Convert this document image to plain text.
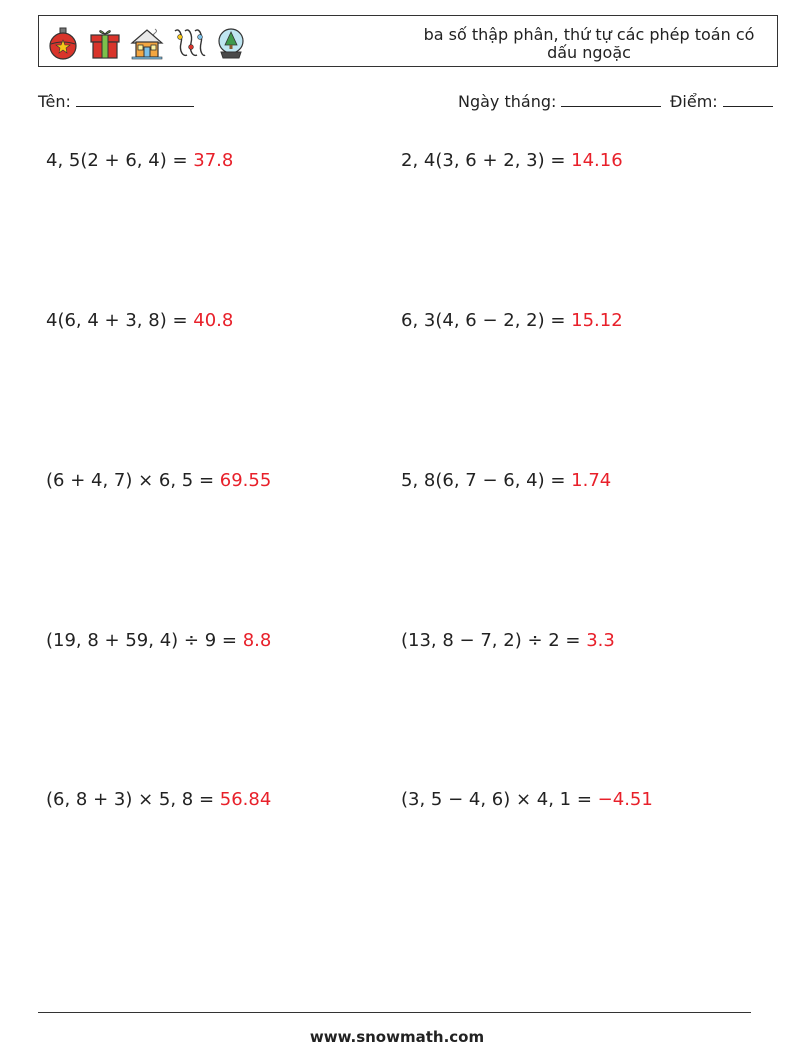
ba số thập phân, thứ tự các phép toán có
dấu ngoặc
Tên:	Ngày tháng:	Điểm:
4, 5(2 + 6, 4) = 37.8	2, 4(3, 6 + 2, 3) = 14.16
4(6, 4 + 3, 8) = 40.8	6, 3(4, 6 − 2, 2) = 15.12
(6 + 4, 7) × 6, 5 = 69.55	5, 8(6, 7 − 6, 4) = 1.74
(19, 8 + 59, 4) ÷ 9 = 8.8	(13, 8 − 7, 2) ÷ 2 = 3.3
(6, 8 + 3) × 5, 8 = 56.84	(3, 5 − 4, 6) × 4, 1 = −4.51
www.snowmath.com
